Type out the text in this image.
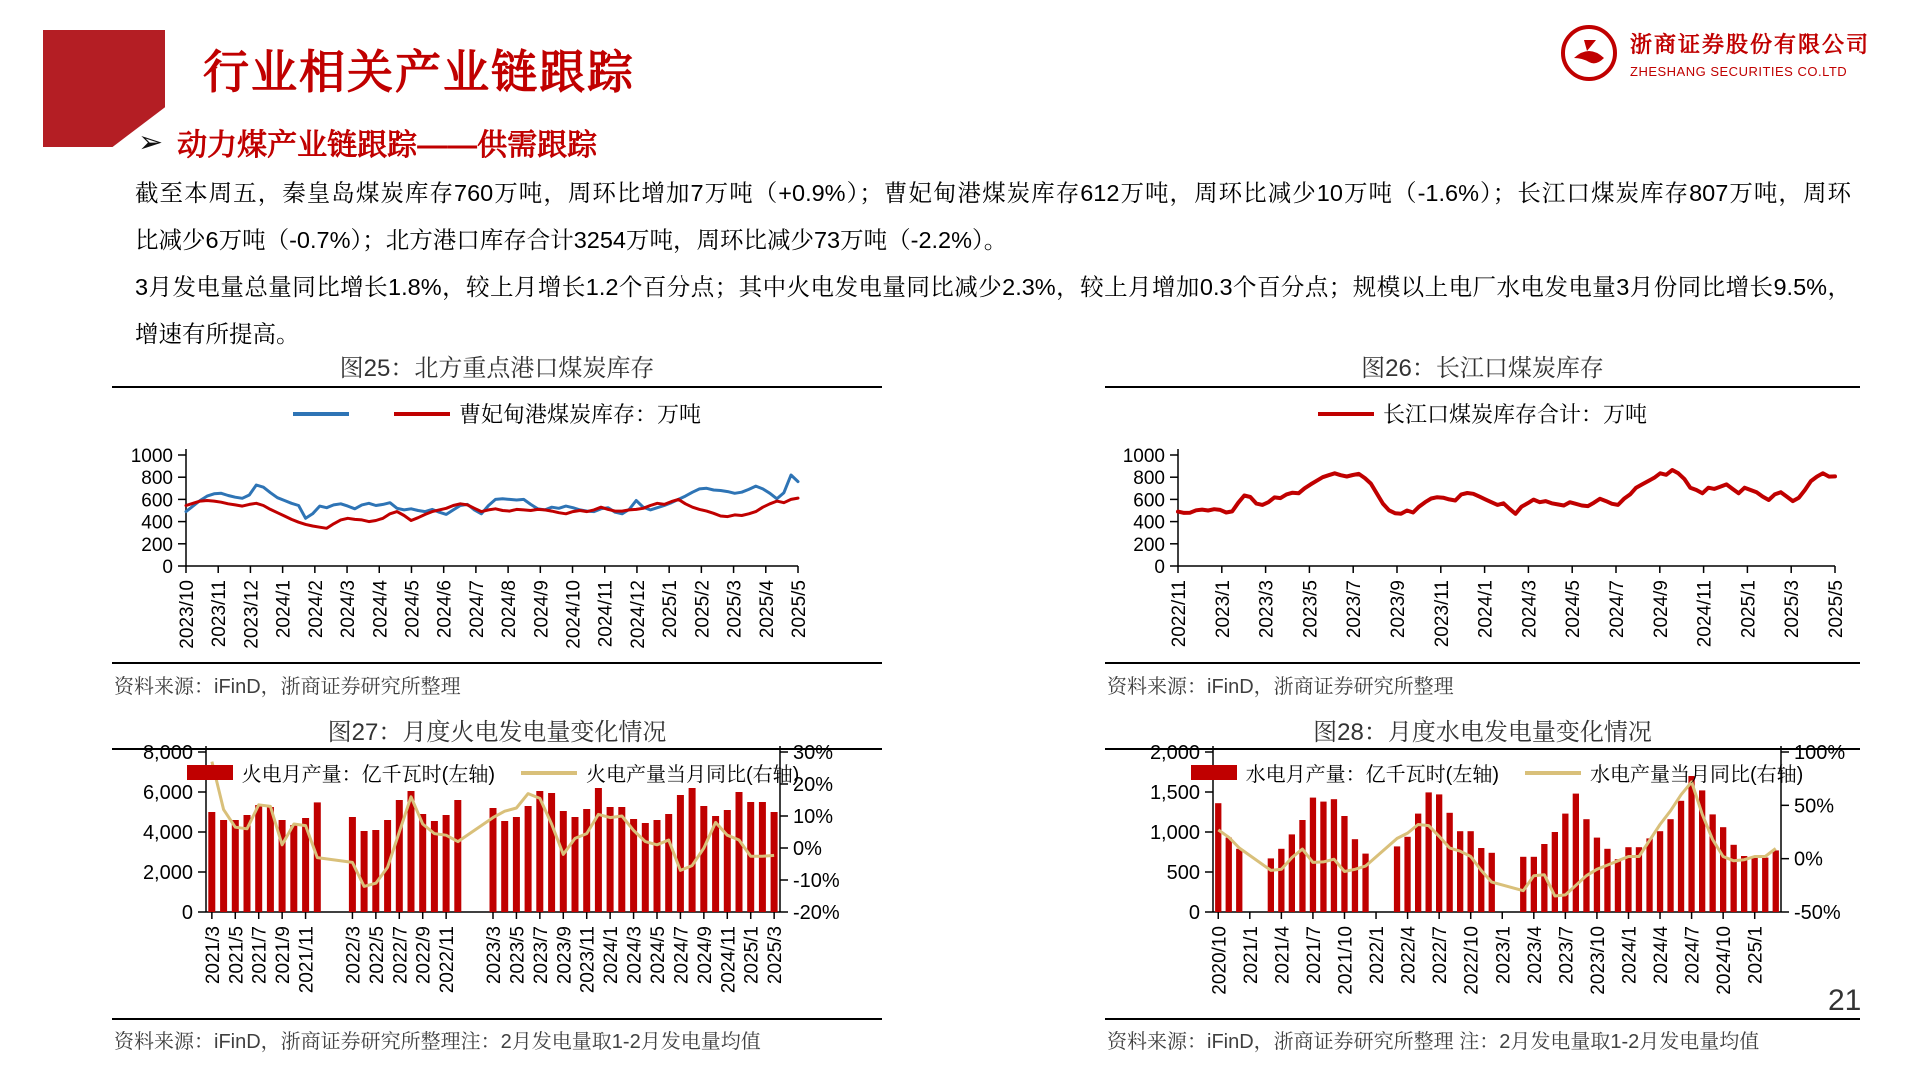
行业相关产业链跟踪
浙商证券股份有限公司
ZHESHANG SECURITIES CO.LTD
➢ 动力煤产业链跟踪——供需跟踪
截至本周五，秦皇岛煤炭库存760万吨，周环比增加7万吨（+0.9%）；曹妃甸港煤炭库存612万吨，周环比减少10万吨（-1.6%）；长江口煤炭库存807万吨，周环
比减少6万吨（-0.7%）；北方港口库存合计3254万吨，周环比减少73万吨（-2.2%）。
3月发电量总量同比增长1.8%，较上月增长1.2个百分点；其中火电发电量同比减少2.3%，较上月增加0.3个百分点；规模以上电厂水电发电量3月份同比增长9.5%，
增速有所提高。
图25：北方重点港口煤炭库存
0
200
400
600
800
1000
2023/10 2023/11 2023/12 2024/1 2024/2 2024/3 2024/4 2024/5 2024/6 2024/7 2024/8 2024/9 2024/10 2024/11 2024/12 2025/1 2025/2 2025/3 2025/4 2025/5
曹妃甸港煤炭库存：万吨
资料来源：iFinD，浙商证券研究所整理
图26：长江口煤炭库存
0
200
400
600
800
1000
2022/11 2023/1 2023/3 2023/5 2023/7 2023/9 2023/11 2024/1 2024/3 2024/5 2024/7 2024/9 2024/11 2025/1 2025/3 2025/5
长江口煤炭库存合计：万吨
资料来源：iFinD，浙商证券研究所整理
图27：月度火电发电量变化情况
0
2,000
4,000
6,000
8,000	30%
20%
10%
0%
-10%
-20%
2021/3 2021/5 2021/7 2021/9 2021/11 2022/3 2022/5 2022/7 2022/9 2022/11 2023/3 2023/5 2023/7 2023/9 2023/11 2024/1 2024/3 2024/5 2024/7 2024/9 2024/11 2025/1 2025/3
火电月产量：亿千瓦时(左轴)	火电产量当月同比(右轴)
资料来源：iFinD，浙商证券研究所整理注：2月发电量取1-2月发电量均值
图28：月度水电发电量变化情况
0
500
1,000
1,500
2,000	100%
50%
0%
-50%
2020/10 2021/1 2021/4 2021/7 2021/10 2022/1 2022/4 2022/7 2022/10 2023/1 2023/4 2023/7 2023/10 2024/1 2024/4 2024/7 2024/10 2025/1
水电月产量：亿千瓦时(左轴)	水电产量当月同比(右轴)
资料来源：iFinD，浙商证券研究所整理 注：2月发电量取1-2月发电量均值
21
